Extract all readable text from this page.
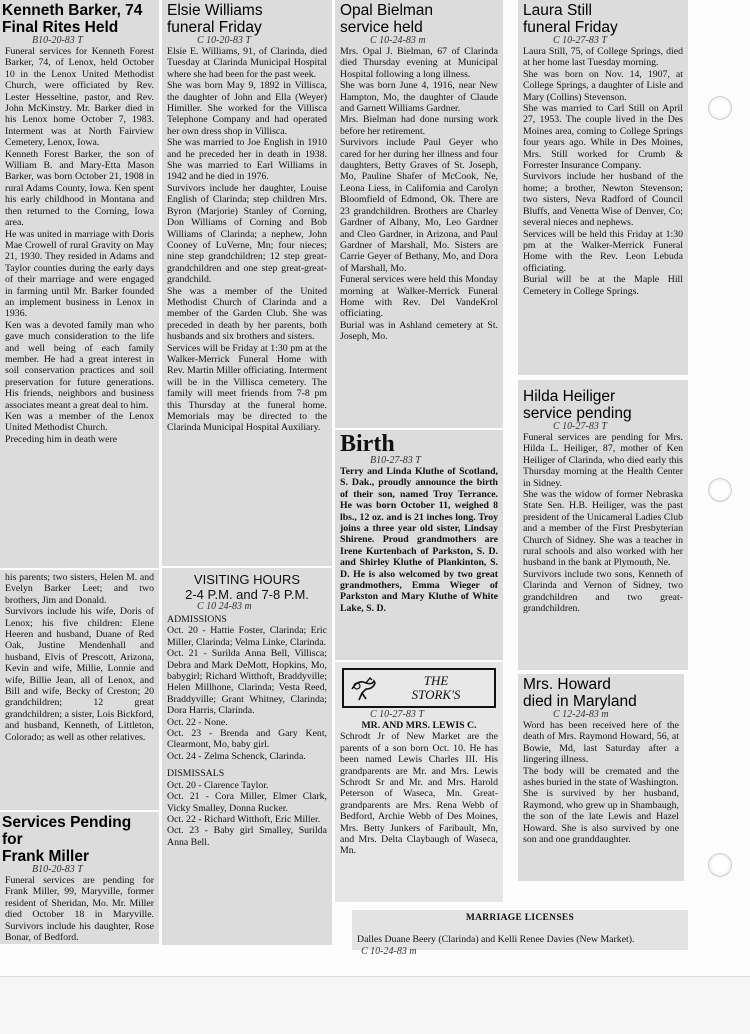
Kenneth Barker, 74

Final Rites Held

B10-20-83 T

Funeral services for Kenneth Forest Barker, 74, of Lenox, held October 10 in the Lenox United Methodist Church, were officiated by Rev. Lester Hesseltine, pastor, and Rev. John McKinstry. Mr. Barker died in his Lenox home October 7, 1983. Interment was at North Fairview Cemetery, Lenox, Iowa.
Kenneth Forest Barker, the son of William B. and Mary-Etta Mason Barker, was born October 21, 1908 in rural Adams County, Iowa. Ken spent his early childhood in Montana and then returned to the Corning, Iowa area.
He was united in marriage with Doris Mae Crowell of rural Gravity on May 21, 1930. They resided in Adams and Taylor counties during the early days of their marriage and were engaged in farming until Mr. Barker founded an implement business in Lenox in 1936.
Ken was a devoted family man who gave much consideration to the life and well being of each family member. He had a great interest in soil conservation practices and soil preservation for future generations. His friends, neighbors and business associates meant a great deal to him.
Ken was a member of the Lenox United Methodist Church.
Preceding him in death were

his parents; two sisters, Helen M. and Evelyn Barker Leet; and two brothers, Jim and Donald.
Survivors include his wife, Doris of Lenox; his five children: Elene Heeren and husband, Duane of Red Oak, Justine Mendenhall and husband, Elvis of Prescott, Arizona, Kevin and wife, Millie, Lonnie and wife, Billie Jean, all of Lenox, and Bill and wife, Becky of Creston; 20 grandchildren; 12 great grandchildren; a sister, Lois Bickford, and husband, Kenneth, of Littleton, Colorado; as well as other relatives.

Services Pending for

Frank Miller

B10-20-83 T

Funeral services are pending for Frank Miller, 99, Maryville, former resident of Sheridan, Mo. Mr. Miller died October 18 in Maryville. Survivors include his daughter, Rose Bonar, of Bedford.

Elsie Williams

funeral Friday

C 10-20-83 T

Elsie E. Williams, 91, of Clarinda, died Tuesday at Clarinda Municipal Hospital where she had been for the past week.
She was born May 9, 1892 in Villisca, the daughter of John and Ella (Weyer) Himiller. She worked for the Villisca Telephone Company and had operated her own dress shop in Villisca.
She was married to Joe English in 1910 and he preceded her in death in 1938. She was married to Earl Williams in 1942 and he died in 1976.
Survivors include her daughter, Louise English of Clarinda; step children Mrs. Byron (Marjorie) Stanley of Corning, Don Williams of Corning and Bob Williams of Clarinda; a nephew, John Cooney of LuVerne, Mn; four nieces; nine step grandchildren; 12 step great-grandchildren and one step great-great-grandchild.
She was a member of the United Methodist Church of Clarinda and a member of the Garden Club. She was preceded in death by her parents, both husbands and six brothers and sisters.
Services will be Friday at 1:30 pm at the Walker-Merrick Funeral Home with Rev. Martin Miller officiating. Interment will be in the Villisca cemetery. The family will meet friends from 7-8 pm this Thursday at the funeral home. Memorials may be directed to the Clarinda Municipal Hospital Auxiliary.

VISITING HOURS

2-4 P.M. and 7-8 P.M.

C 10 24-83 m

ADMISSIONS

Oct. 20 - Hattie Foster, Clarinda; Eric Miller, Clarinda; Velma Linke, Clarinda.
Oct. 21 - Surilda Anna Bell, Villisca; Debra and Mark DeMott, Hopkins, Mo, babygirl; Richard Witthoft, Braddyville; Helen Millhone, Clarinda; Vesta Reed, Braddyville; Grant Whitney, Clarinda; Dora Harris, Clarinda.
Oct. 22 - None.
Oct. 23 - Brenda and Gary Kent, Clearmont, Mo, baby girl.
Oct. 24 - Zelma Schenck, Clarinda.

DISMISSALS

Oct. 20 - Clarence Taylor.
Oct. 21 - Cora Miller, Elmer Clark, Vicky Smalley, Donna Rucker.
Oct. 22 - Richard Witthoft, Eric Miller.
Oct. 23 - Baby girl Smalley, Surilda Anna Bell.

Opal Bielman

service held

C 10-24-83 m

Mrs. Opal J. Bielman, 67 of Clarinda died Thursday evening at Municipal Hospital following a long illness.
She was born June 4, 1916, near New Hampton, Mo, the daughter of Claude and Garnett Williams Gardner.
Mrs. Bielman had done nursing work before her retirement.
Survivors include Paul Geyer who cared for her during her illness and four daughters, Betty Graves of St. Joseph, Mo, Pauline Shafer of McCook, Ne, Leona Liess, in California and Carolyn Bloomfield of Edmond, Ok. There are 23 grandchildren. Brothers are Charley Gardner of Albany, Mo, Leo Gardner and Cleo Gardner, in Arizona, and Paul Gardner of Marshall, Mo. Sisters are Carrie Geyer of Bethany, Mo, and Dora of Marshall, Mo.
Funeral services were held this Monday morning at Walker-Merrick Funeral Home with Rev. Del VandeKrol officiating.
Burial was in Ashland cemetery at St. Joseph, Mo.

Birth

B10-27-83 T

Terry and Linda Kluthe of Scotland, S. Dak., proudly announce the birth of their son, named Troy Terrance. He was born October 11, weighed 8 lbs., 12 oz. and is 21 inches long. Troy joins a three year old sister, Lindsay Shirene. Proud grandmothers are Irene Kurtenbach of Parkston, S. D. and Shirley Kluthe of Plankinton, S. D. He is also welcomed by two great grandmothers, Emma Wieger of Parkston and Mary Kluthe of White Lake, S. D.

THE
STORK'S

C 10-27-83 T

MR. AND MRS. LEWIS C.

Schrodt Jr of New Market are the parents of a son born Oct. 10. He has been named Lewis Charles III. His grandparents are Mr. and Mrs. Lewis Schrodt Sr and Mr. and Mrs. Harold Peterson of Waseca, Mn. Great-grandparents are Mrs. Rena Webb of Bedford, Archie Webb of Des Moines, Mrs. Betty Junkers of Faribault, Mn, and Mrs. Delta Claybaugh of Waseca, Mn.

Laura Still

funeral Friday

C 10-27-83 T

Laura Still, 75, of College Springs, died at her home last Tuesday morning.
She was born on Nov. 14, 1907, at College Springs, a daughter of Lisle and Mary (Collins) Stevenson.
She was married to Carl Still on April 27, 1953. The couple lived in the Des Moines area, coming to College Springs four years ago. While in Des Moines, Mrs. Still worked for Crumb & Forrester Insurance Company.
Survivors include her husband of the home; a brother, Newton Stevenson; two sisters, Neva Radford of Council Bluffs, and Venetta Wise of Denver, Co; several nieces and nephews.
Services will be held this Friday at 1:30 pm at the Walker-Merrick Funeral Home with the Rev. Leon Lebuda officiating.
Burial will be at the Maple Hill Cemetery in College Springs.

Hilda Heiliger

service pending

C 10-27-83 T

Funeral services are pending for Mrs. Hilda L. Heiliger, 87, mother of Ken Heiliger of Clarinda, who died early this Thursday morning at the Health Center in Sidney.
She was the widow of former Nebraska State Sen. H.B. Heiliger, was the past president of the Unicameral Ladies Club and a member of the First Presbyterian Church of Sidney. She was a teacher in rural schools and also worked with her husband in the bank at Plymouth, Ne.
Survivors include two sons, Kenneth of Clarinda and Vernon of Sidney, two grandchildren and two great-grandchildren.

Mrs. Howard

died in Maryland

C 12-24-83 m

Word has been received here of the death of Mrs. Raymond Howard, 56, at Bowie, Md, last Saturday after a lingering illness.
The body will be cremated and the ashes buried in the state of Washington.
She is survived by her husband, Raymond, who grew up in Shambaugh, the son of the late Lewis and Hazel Howard. She is also survived by one son and one granddaughter.

MARRIAGE LICENSES

Dalles Duane Beery (Clarinda) and Kelli Renee Davies (New Market).
C 10-24-83 m
